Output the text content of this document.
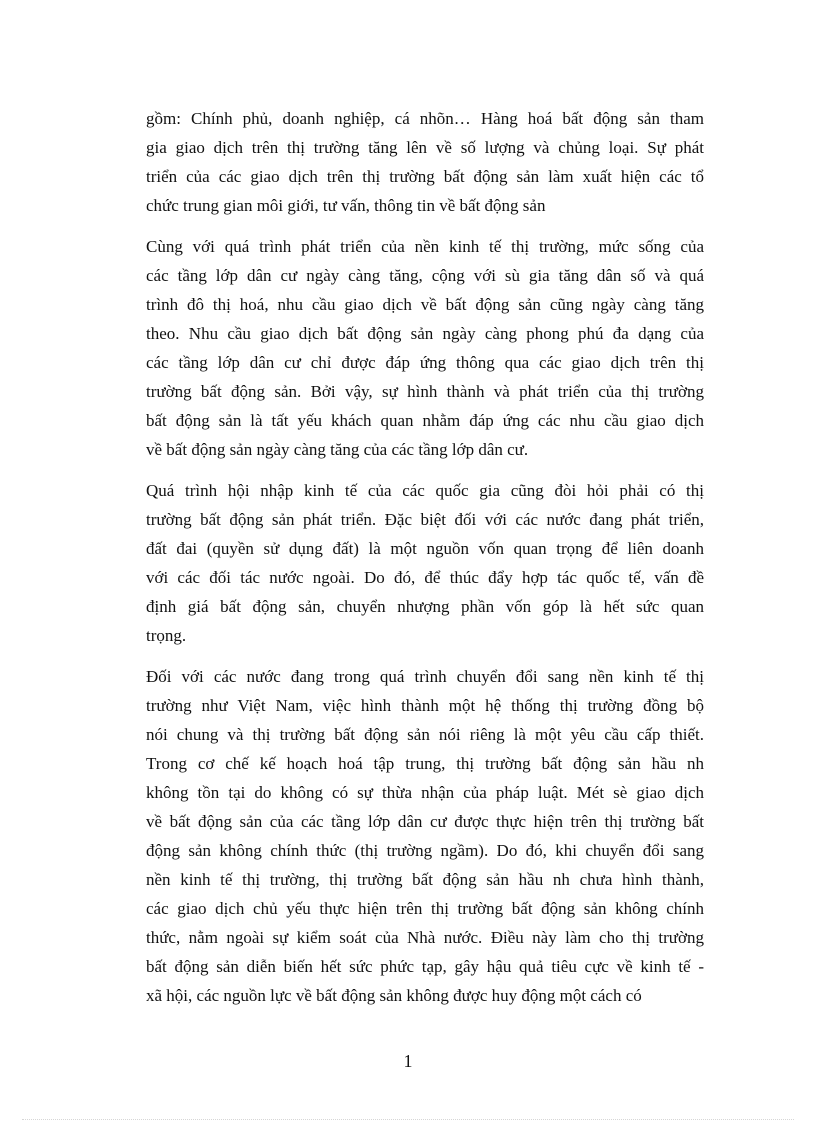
gồm: Chính phủ, doanh nghiệp, cá nhõn… Hàng hoá bất động sản tham
gia giao dịch trên thị trường tăng lên về số lượng và chủng loại. Sự phát
triển của các giao dịch trên thị trường bất động sản làm xuất hiện các tổ
chức trung gian môi giới, tư vấn, thông tin về bất động sản

Cùng với quá trình phát triển của nền kinh tế thị trường, mức sống của
các tầng lớp dân cư ngày càng tăng, cộng với sù gia tăng dân số và quá
trình đô thị hoá, nhu cầu giao dịch về bất động sản cũng ngày càng tăng
theo. Nhu cầu giao dịch bất động sản ngày càng phong phú đa dạng của
các tầng lớp dân cư chỉ được đáp ứng thông qua các giao dịch trên thị
trường bất động sản. Bởi vậy, sự hình thành và phát triển của thị trường
bất động sản là tất yếu khách quan nhằm đáp ứng các nhu cầu giao dịch
về bất động sản ngày càng tăng của các tầng lớp dân cư.

Quá trình hội nhập kinh tế của các quốc gia cũng đòi hỏi phải có thị
trường bất động sản phát triển. Đặc biệt đối với các nước đang phát triển,
đất đai (quyền sử dụng đất) là một nguồn vốn quan trọng để liên doanh
với các đối tác nước ngoài. Do đó, để thúc đẩy hợp tác quốc tế, vấn đề
định giá bất động sản, chuyển nhượng phần vốn góp là hết sức quan
trọng.

Đối với các nước đang trong quá trình chuyển đổi sang nền kinh tế thị
trường như Việt Nam, việc hình thành một hệ thống thị trường đồng bộ
nói chung và thị trường bất động sản nói riêng là một yêu cầu cấp thiết.
Trong cơ chế kế hoạch hoá tập trung, thị trường bất động sản hầu nh
không tồn tại do không có sự thừa nhận của pháp luật. Mét sè giao dịch
về bất động sản của các tầng lớp dân cư được thực hiện trên thị trường bất
động sản không chính thức (thị trường ngầm). Do đó, khi chuyển đổi sang
nền kinh tế thị trường, thị trường bất động sản hầu nh chưa hình thành,
các giao dịch chủ yếu thực hiện trên thị trường bất động sản không chính
thức, nằm ngoài sự kiểm soát của Nhà nước. Điều này làm cho thị trường
bất động sản diễn biến hết sức phức tạp, gây hậu quả tiêu cực về kinh tế -
xã hội, các nguồn lực về bất động sản không được huy động một cách có

1
